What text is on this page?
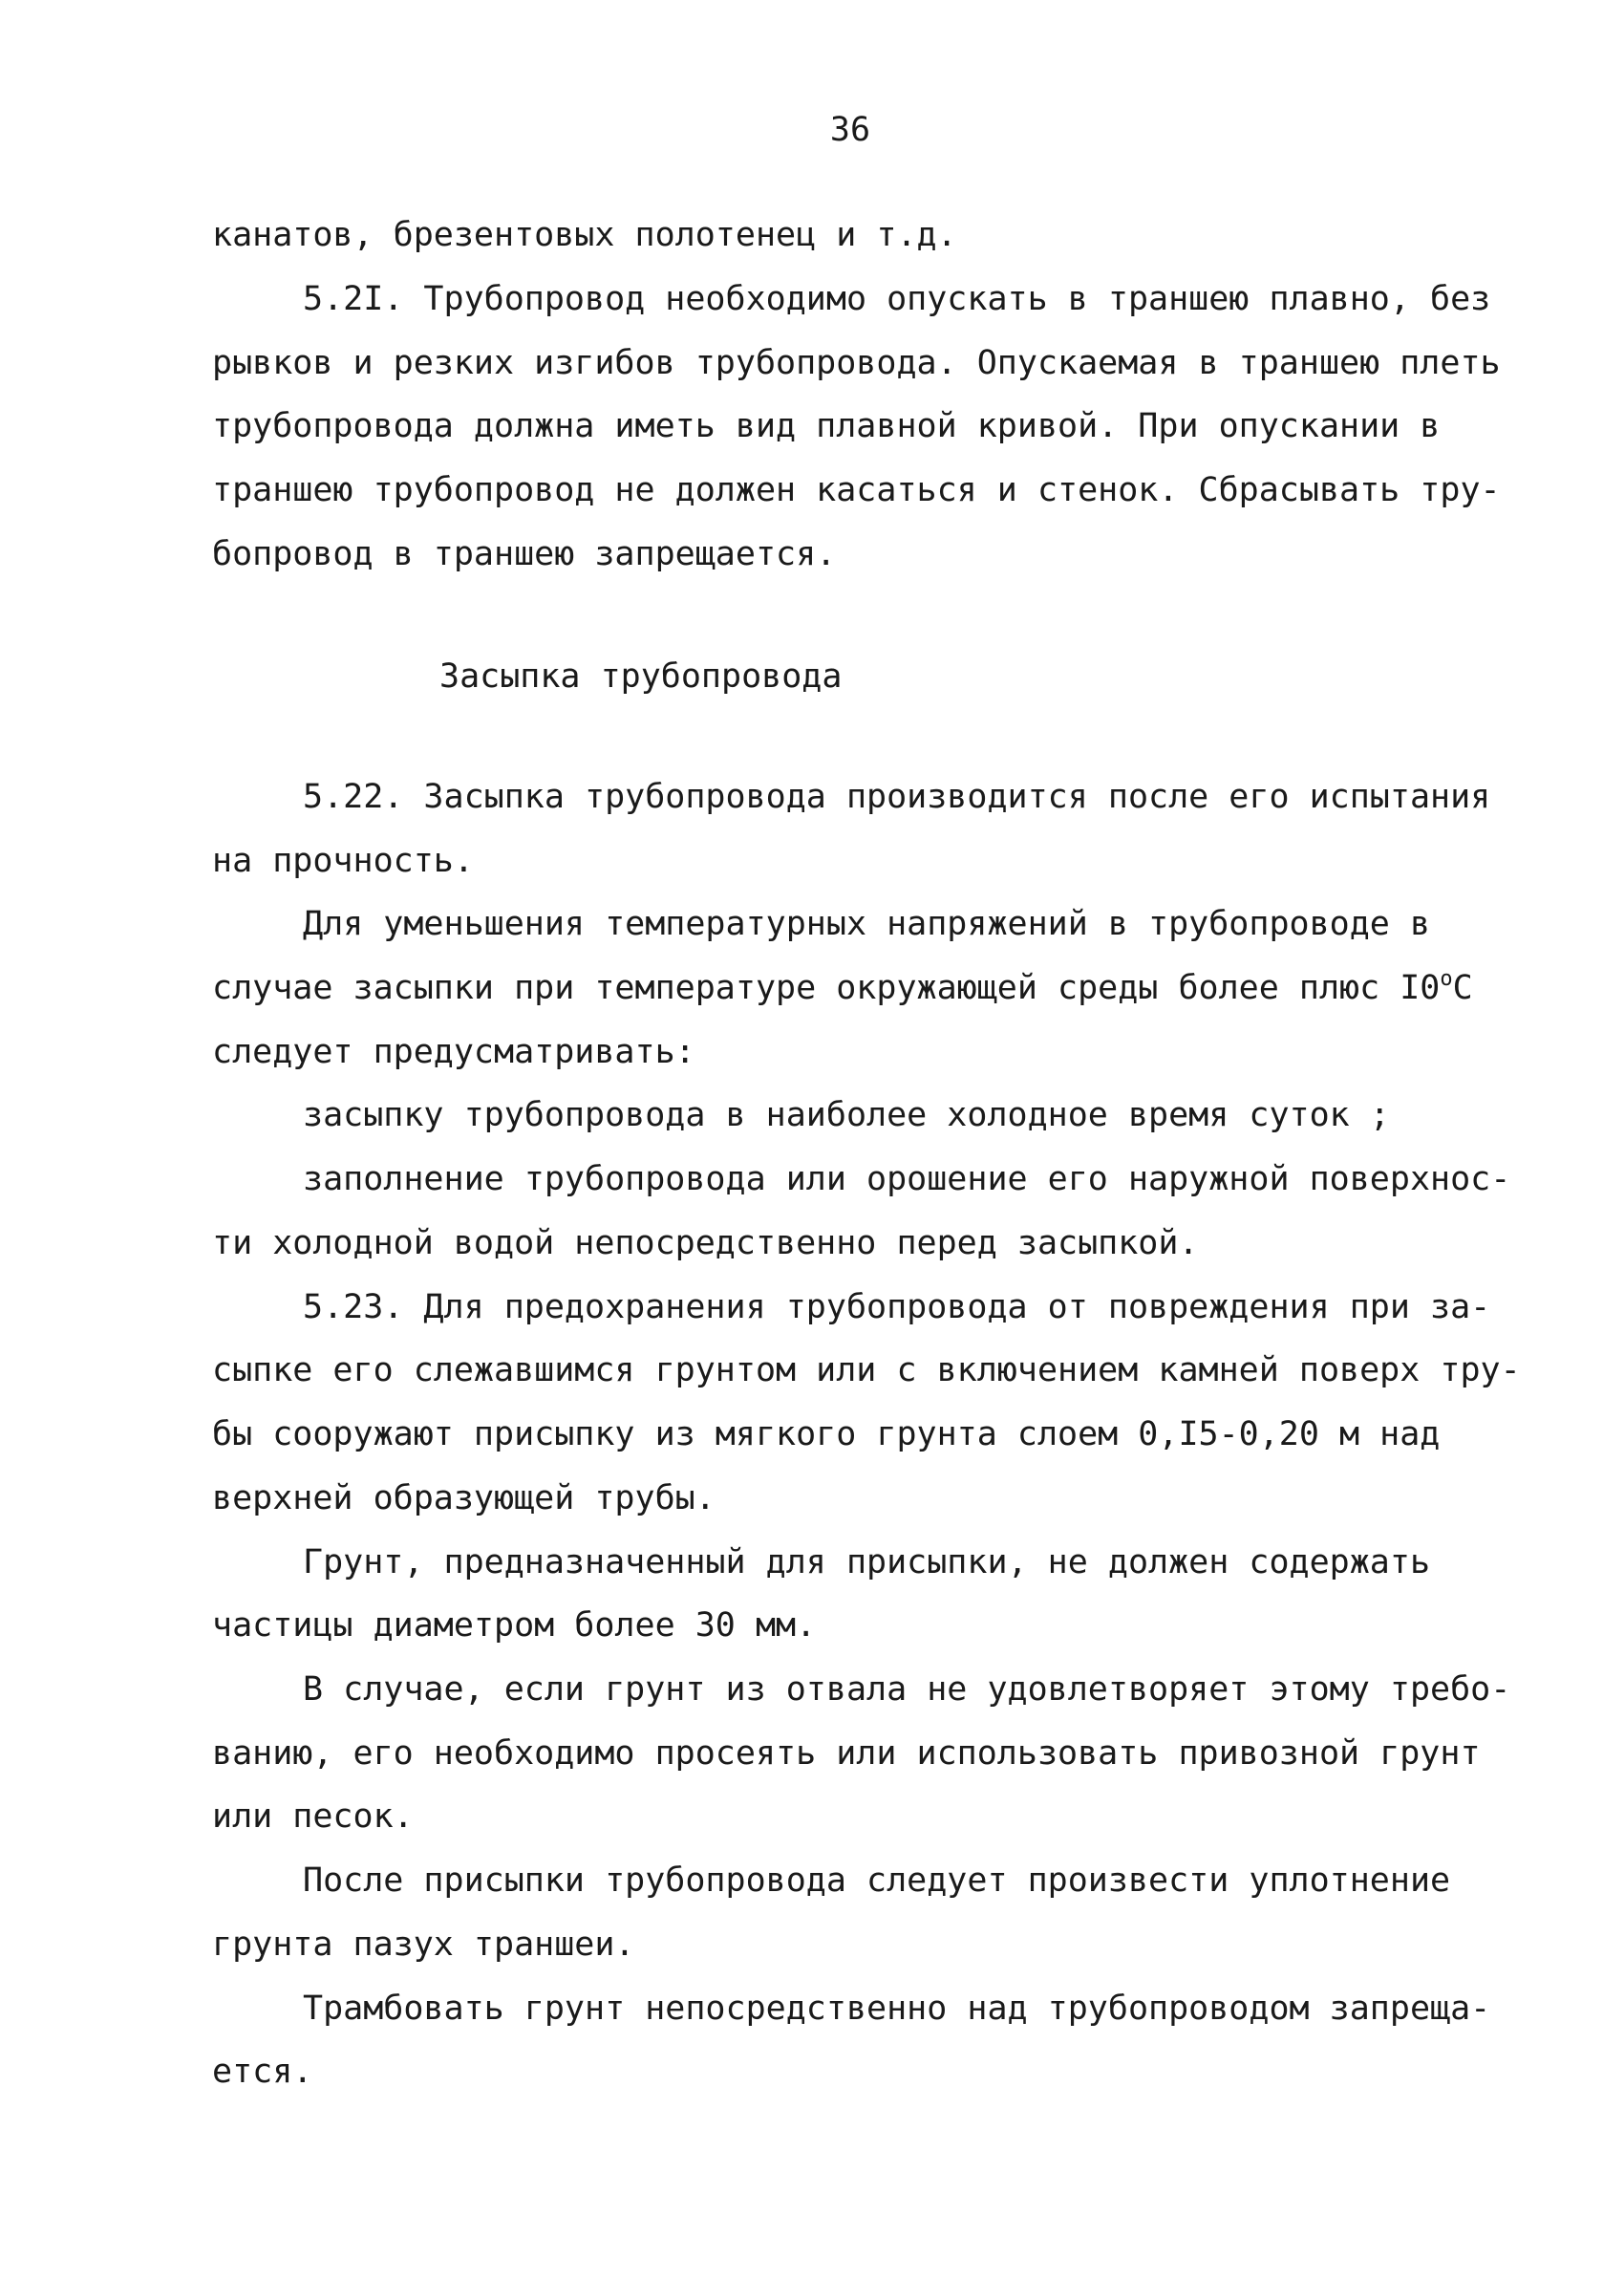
36
канатов, брезентовых полотенец и т.д.
5.2I. Трубопровод необходимо опускать в траншею плавно, без
рывков и резких изгибов трубопровода. Опускаемая в траншею плеть
трубопровода должна иметь вид плавной кривой. При опускании в
траншею трубопровод не должен касаться и стенок. Сбрасывать тру-
бопровод в траншею запрещается.
Засыпка трубопровода
5.22. Засыпка трубопровода производится после его испытания
на прочность.
Для уменьшения температурных напряжений в трубопроводе в
случае засыпки при температуре окружающей среды более плюс $I0^оС$
следует предусматривать:
засыпку трубопровода в наиболее холодное время суток ;
заполнение трубопровода или орошение его наружной поверхнос-
ти холодной водой непосредственно перед засыпкой.
5.23. Для предохранения трубопровода от повреждения при за-
сыпке его слежавшимся грунтом или с включением камней поверх тру-
бы сооружают присыпку из мягкого грунта слоем 0,I5-0,20 м над
верхней образующей трубы.
Грунт, предназначенный для присыпки, не должен содержать
частицы диаметром более 30 мм.
В случае, если грунт из отвала не удовлетворяет этому требо-
ванию, его необходимо просеять или использовать привозной грунт
или песок.
После присыпки трубопровода следует произвести уплотнение
грунта пазух траншеи.
Трамбовать грунт непосредственно над трубопроводом запреща-
ется.
